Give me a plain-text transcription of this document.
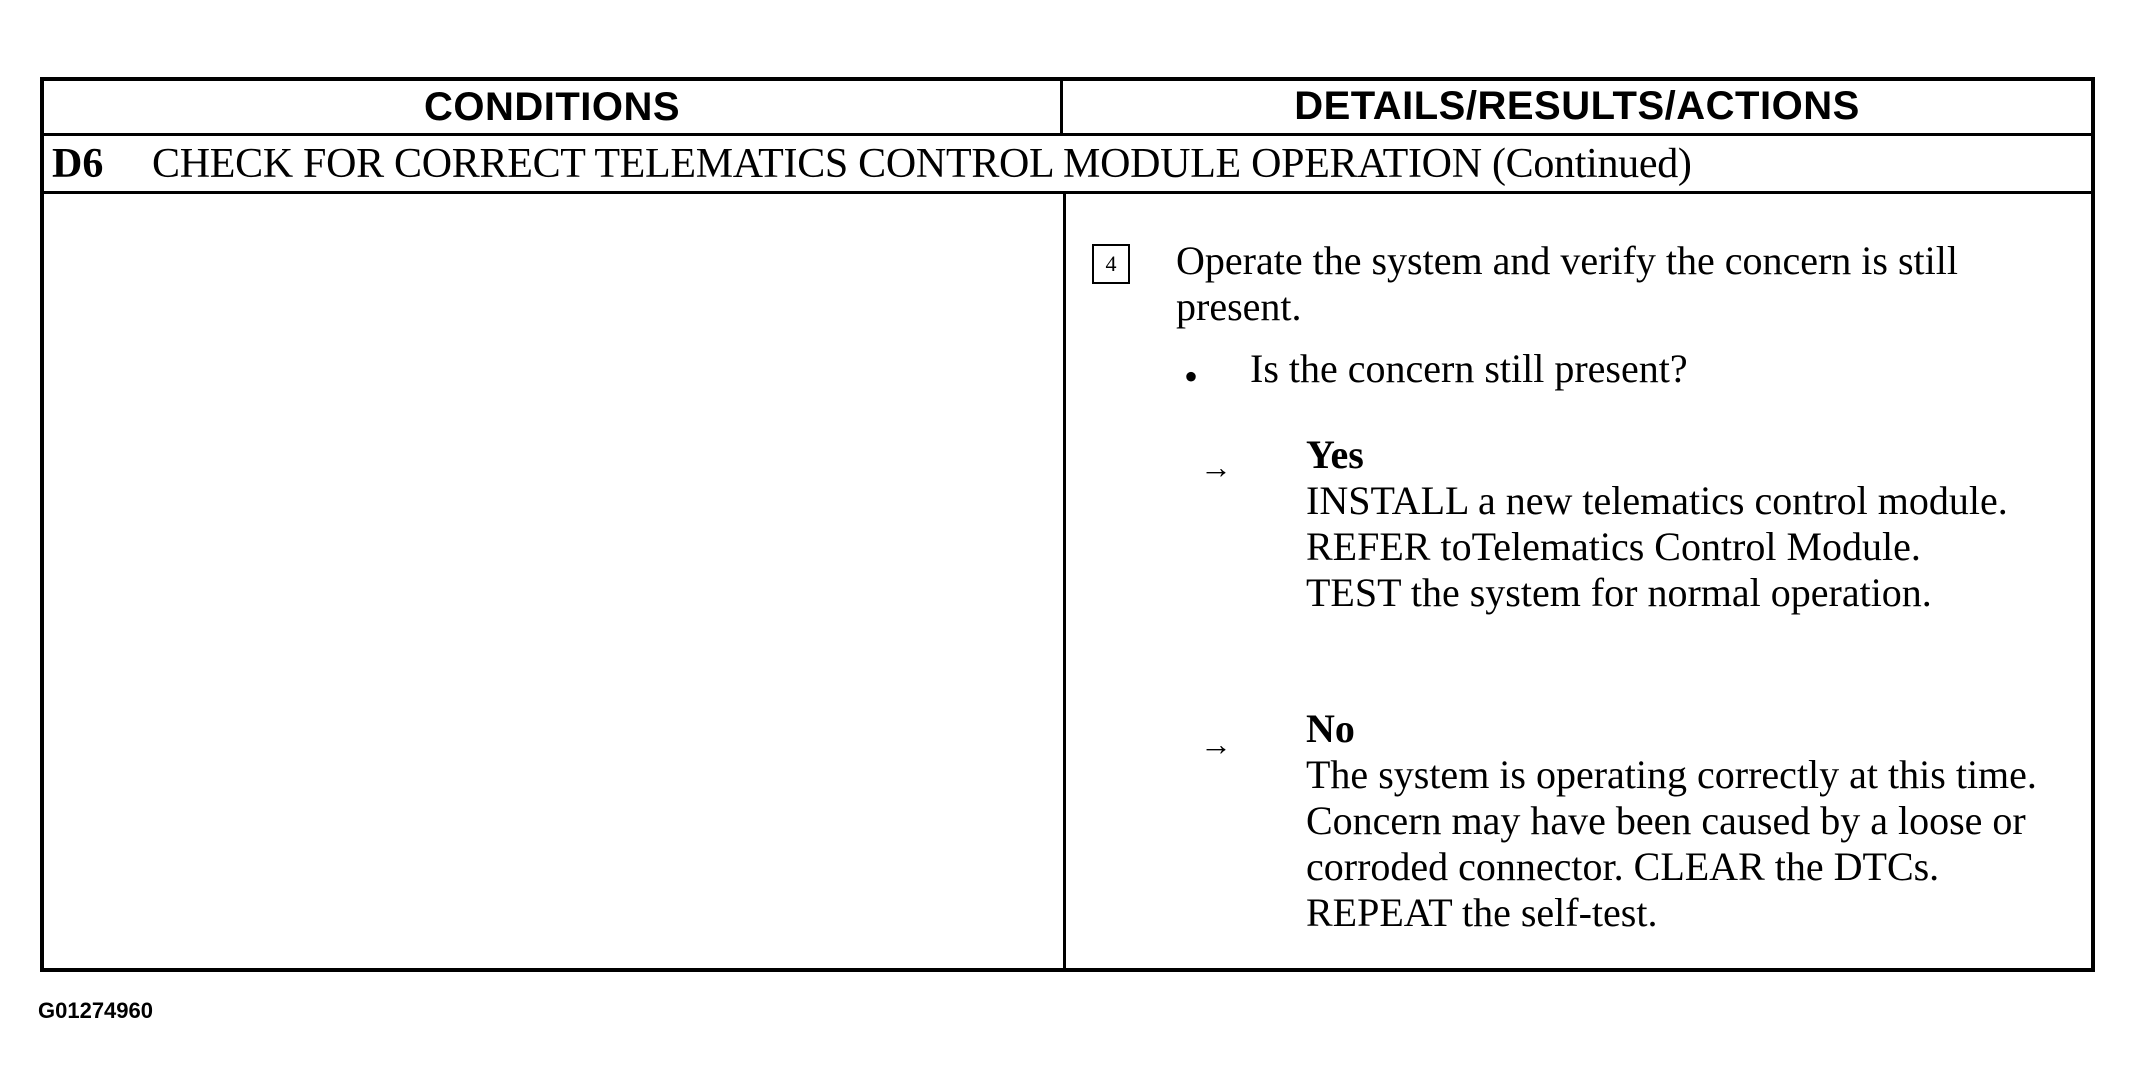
CONDITIONS	DETAILS/RESULTS/ACTIONS
D6	CHECK FOR CORRECT TELEMATICS CONTROL MODULE OPERATION (Continued)
4	Operate the system and verify the concern is still present.
•	Is the concern still present?
→	Yes
INSTALL a new telematics control module.
REFER toTelematics Control Module.
TEST the system for normal operation.
→	No
The system is operating correctly at this time.
Concern may have been caused by a loose or
corroded connector. CLEAR the DTCs.
REPEAT the self-test.
G01274960
